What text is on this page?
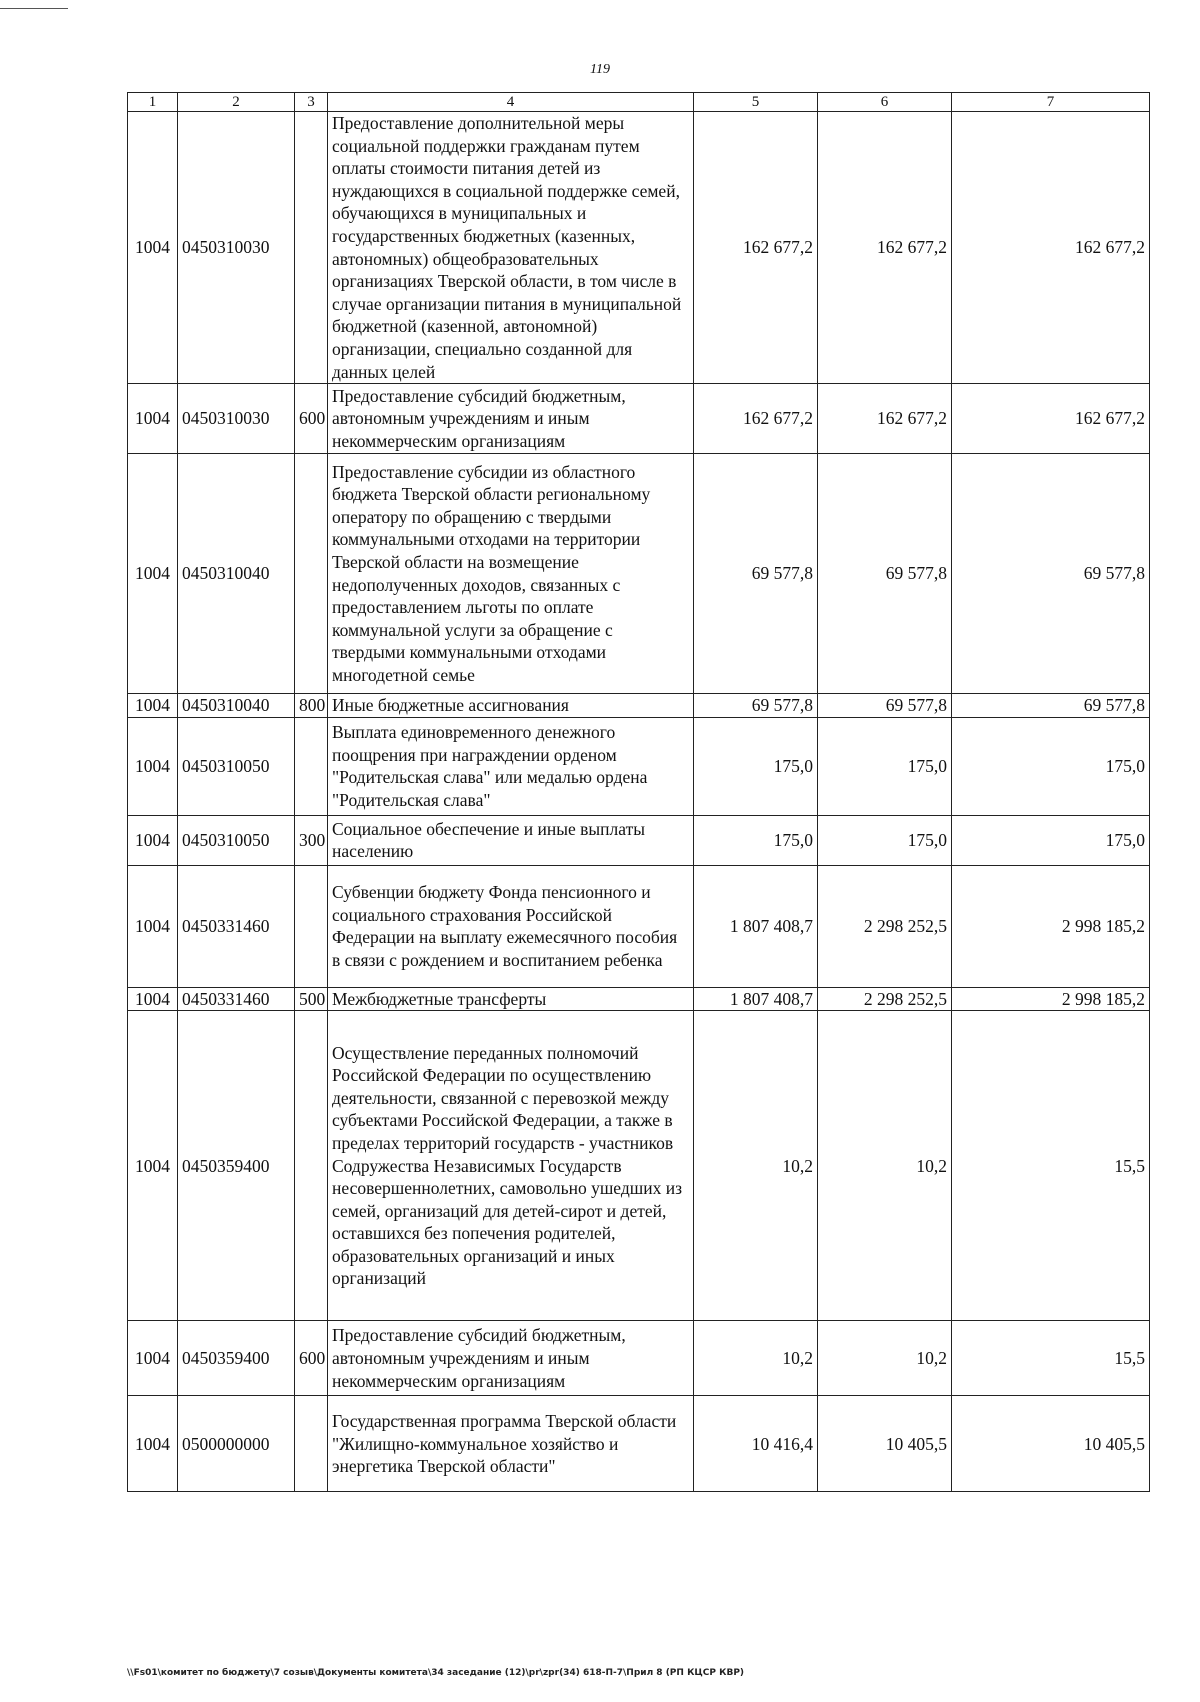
119
1	2	3	4	5	6	7
1004	0450310030		Предоставление дополнительной меры социальной поддержки гражданам путем оплаты стоимости питания детей из нуждающихся в социальной поддержке семей, обучающихся в муниципальных и государственных бюджетных (казенных, автономных) общеобразовательных организациях Тверской области, в том числе в случае организации питания в муниципальной бюджетной (казенной, автономной) организации, специально созданной для данных целей	162 677,2	162 677,2	162 677,2
1004	0450310030	600	Предоставление субсидий бюджетным, автономным учреждениям и иным некоммерческим организациям	162 677,2	162 677,2	162 677,2
1004	0450310040		Предоставление субсидии из областного бюджета Тверской области региональному оператору по обращению с твердыми коммунальными отходами на территории Тверской области на возмещение недополученных доходов, связанных с предоставлением льготы по оплате коммунальной услуги за обращение с твердыми коммунальными отходами многодетной семье	69 577,8	69 577,8	69 577,8
1004	0450310040	800	Иные бюджетные ассигнования	69 577,8	69 577,8	69 577,8
1004	0450310050		Выплата единовременного денежного поощрения при награждении орденом "Родительская слава" или медалью ордена "Родительская слава"	175,0	175,0	175,0
1004	0450310050	300	Социальное обеспечение и иные выплаты населению	175,0	175,0	175,0
1004	0450331460		Субвенции бюджету Фонда пенсионного и социального страхования Российской Федерации на выплату ежемесячного пособия в связи с рождением и воспитанием ребенка	1 807 408,7	2 298 252,5	2 998 185,2
1004	0450331460	500	Межбюджетные трансферты	1 807 408,7	2 298 252,5	2 998 185,2
1004	0450359400		Осуществление переданных полномочий Российской Федерации по осуществлению деятельности, связанной с перевозкой между субъектами Российской Федерации, а также в пределах территорий государств - участников Содружества Независимых Государств несовершеннолетних, самовольно ушедших из семей, организаций для детей-сирот и детей, оставшихся без попечения родителей, образовательных организаций и иных организаций	10,2	10,2	15,5
1004	0450359400	600	Предоставление субсидий бюджетным, автономным учреждениям и иным некоммерческим организациям	10,2	10,2	15,5
1004	0500000000		Государственная программа Тверской области "Жилищно-коммунальное хозяйство и энергетика Тверской области"	10 416,4	10 405,5	10 405,5
\\Fs01\комитет по бюджету\7 созыв\Документы комитета\34 заседание (12)\pr\zpr(34) 618-П-7\Прил 8 (РП КЦСР КВР)
